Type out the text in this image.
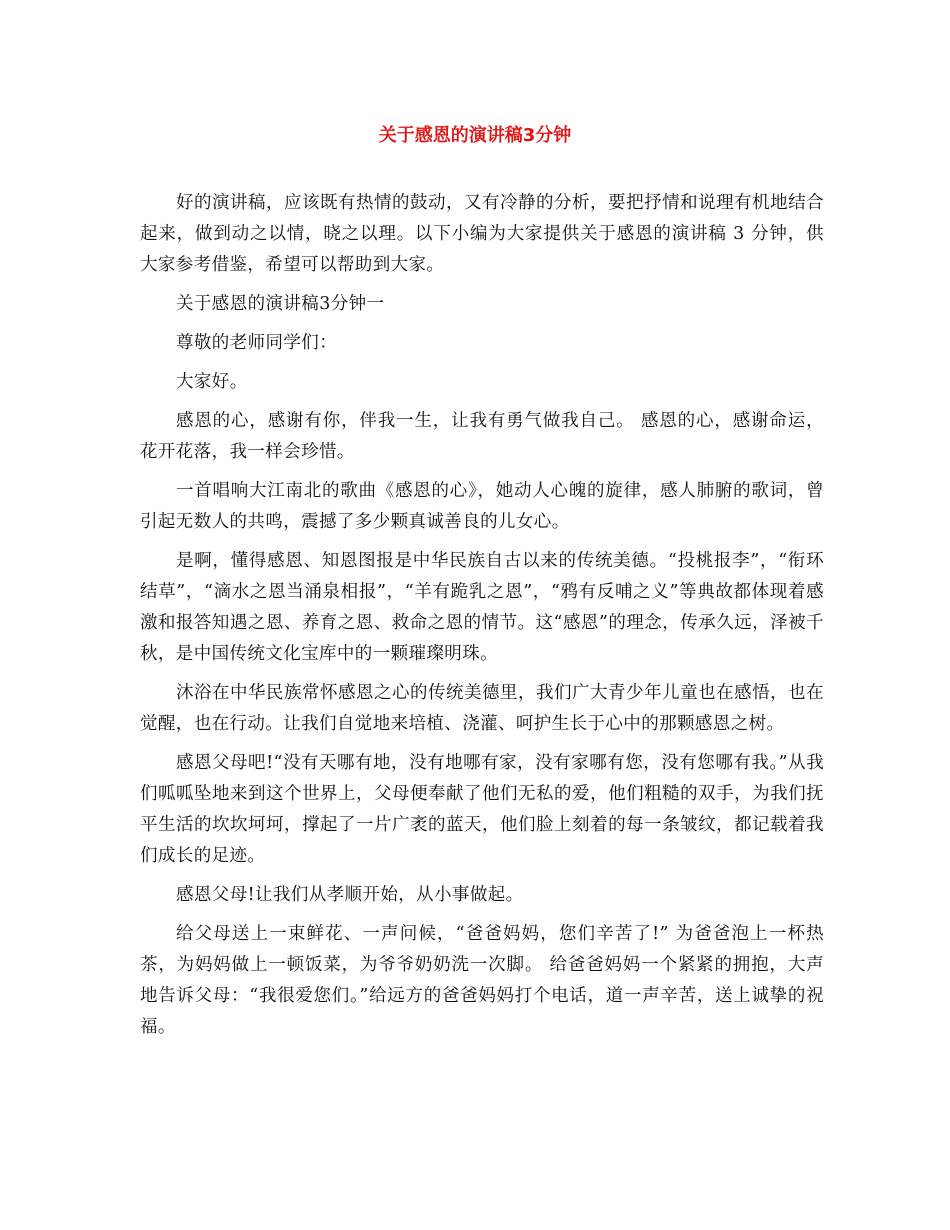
关于感恩的演讲稿3分钟

好的演讲稿，应该既有热情的鼓动，又有冷静的分析，要把抒情和说理有机地结合起来，做到动之以情，晓之以理。以下小编为大家提供关于感恩的演讲稿 3 分钟，供大家参考借鉴，希望可以帮助到大家。

关于感恩的演讲稿3分钟一

尊敬的老师同学们：

大家好。

感恩的心，感谢有你，伴我一生，让我有勇气做我自己。 感恩的心，感谢命运，花开花落，我一样会珍惜。

一首唱响大江南北的歌曲《感恩的心》，她动人心魄的旋律，感人肺腑的歌词，曾引起无数人的共鸣，震撼了多少颗真诚善良的儿女心。

是啊，懂得感恩、知恩图报是中华民族自古以来的传统美德。“投桃报李”，“衔环结草”，“滴水之恩当涌泉相报”，“羊有跪乳之恩”，“鸦有反哺之义”等典故都体现着感激和报答知遇之恩、养育之恩、救命之恩的情节。这“感恩”的理念，传承久远，泽被千秋，是中国传统文化宝库中的一颗璀璨明珠。

沐浴在中华民族常怀感恩之心的传统美德里，我们广大青少年儿童也在感悟，也在觉醒，也在行动。让我们自觉地来培植、浇灌、呵护生长于心中的那颗感恩之树。

感恩父母吧!“没有天哪有地，没有地哪有家，没有家哪有您，没有您哪有我。”从我们呱呱坠地来到这个世界上，父母便奉献了他们无私的爱，他们粗糙的双手，为我们抚平生活的坎坎坷坷，撑起了一片广袤的蓝天，他们脸上刻着的每一条皱纹，都记载着我们成长的足迹。

感恩父母!让我们从孝顺开始，从小事做起。

给父母送上一束鲜花、一声问候，“爸爸妈妈，您们辛苦了!” 为爸爸泡上一杯热茶，为妈妈做上一顿饭菜，为爷爷奶奶洗一次脚。 给爸爸妈妈一个紧紧的拥抱，大声地告诉父母：“我很爱您们。”给远方的爸爸妈妈打个电话，道一声辛苦，送上诚挚的祝福。
